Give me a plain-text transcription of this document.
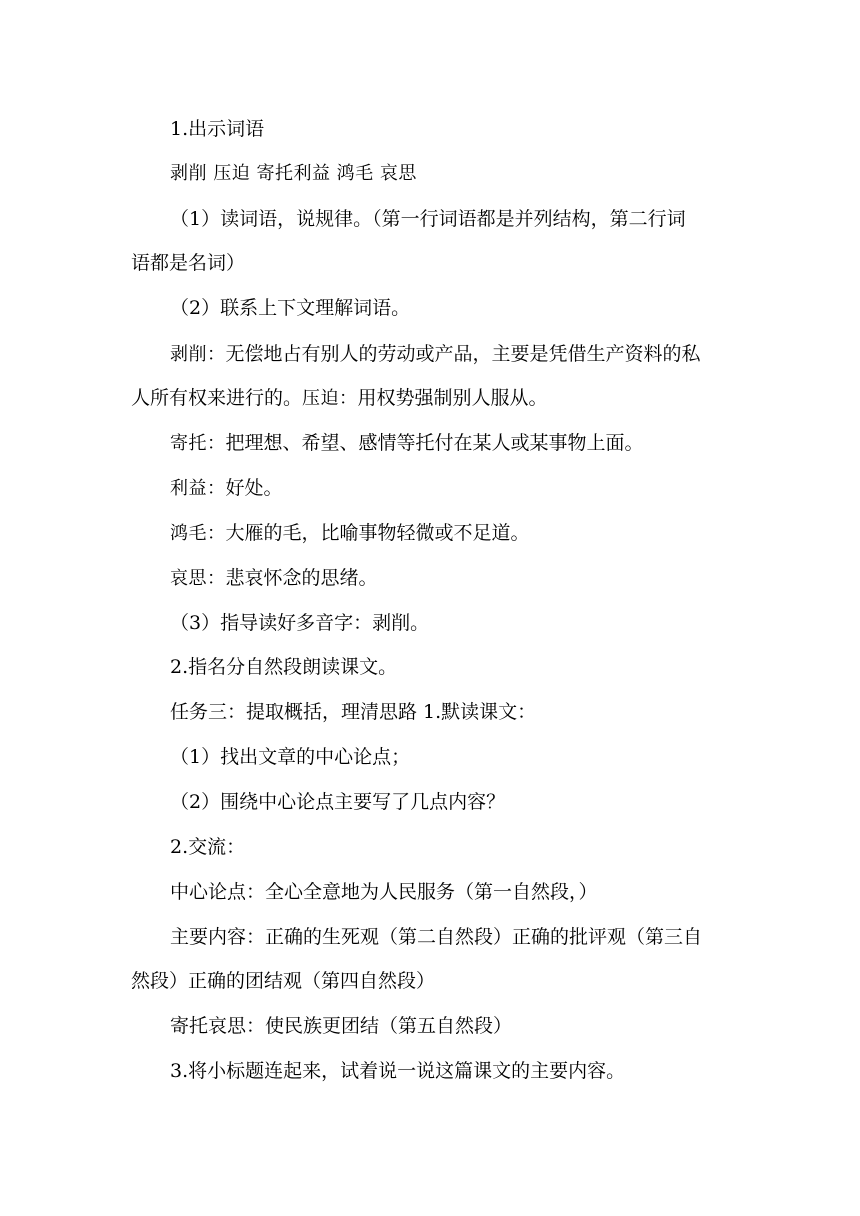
1.出示词语
剥削 压迫 寄托利益 鸿毛 哀思
（1）读词语，说规律。（第一行词语都是并列结构，第二行词
语都是名词）
（2）联系上下文理解词语。
剥削：无偿地占有别人的劳动或产品，主要是凭借生产资料的私
人所有权来进行的。压迫：用权势强制别人服从。
寄托：把理想、希望、感情等托付在某人或某事物上面。
利益：好处。
鸿毛：大雁的毛，比喻事物轻微或不足道。
哀思：悲哀怀念的思绪。
（3）指导读好多音字：剥削。
2.指名分自然段朗读课文。
任务三：提取概括，理清思路 1.默读课文：
（1）找出文章的中心论点；
（2）围绕中心论点主要写了几点内容？
2.交流：
中心论点：全心全意地为人民服务（第一自然段，）
主要内容：正确的生死观（第二自然段）正确的批评观（第三自
然段）正确的团结观（第四自然段）
寄托哀思：使民族更团结（第五自然段）
3.将小标题连起来，试着说一说这篇课文的主要内容。
